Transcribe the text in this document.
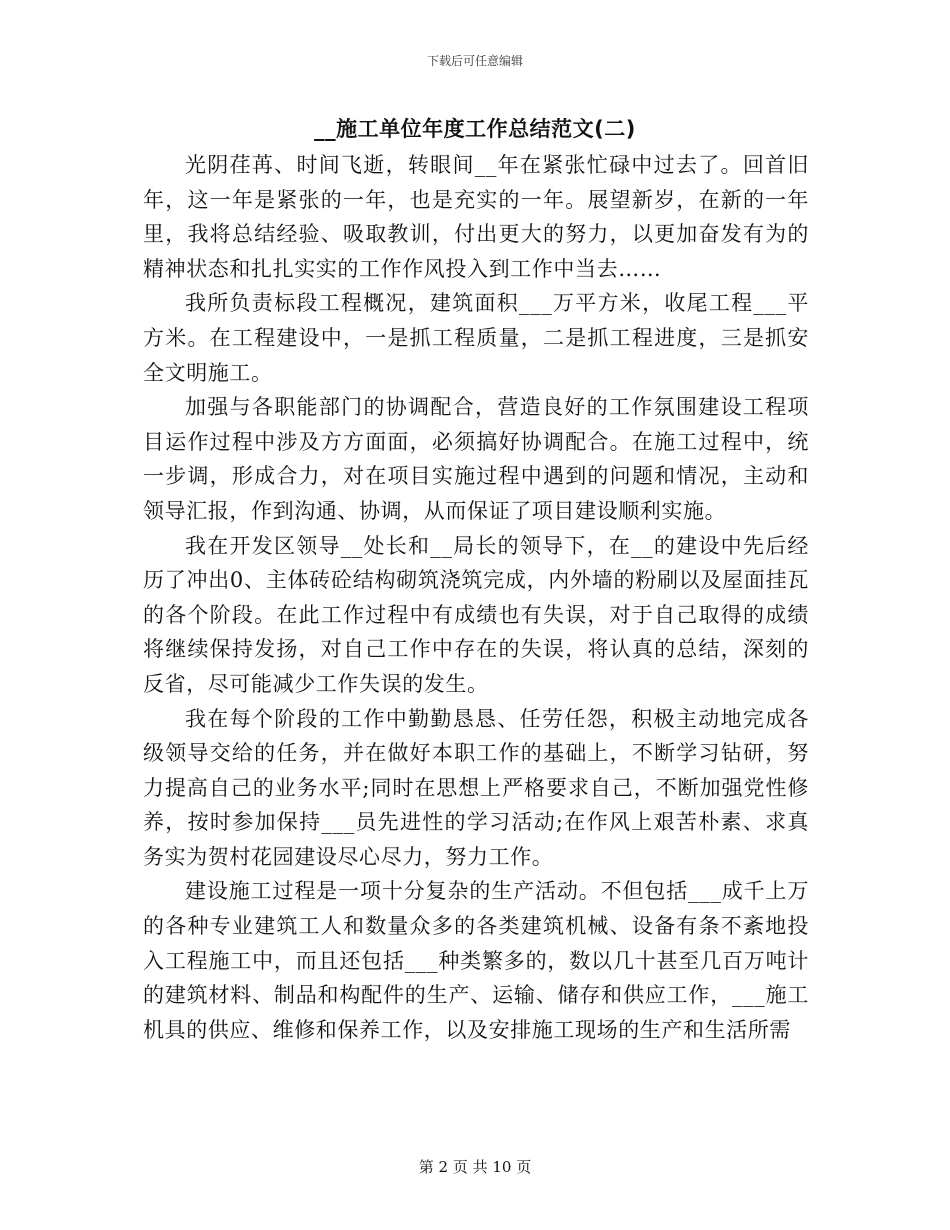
下载后可任意编辑
__施工单位年度工作总结范文(二)

光阴荏苒、时间飞逝，转眼间__年在紧张忙碌中过去了。回首旧年，这一年是紧张的一年，也是充实的一年。展望新岁，在新的一年里，我将总结经验、吸取教训，付出更大的努力，以更加奋发有为的精神状态和扎扎实实的工作作风投入到工作中当去……

我所负责标段工程概况，建筑面积___万平方米，收尾工程___平方米。在工程建设中，一是抓工程质量，二是抓工程进度，三是抓安全文明施工。

加强与各职能部门的协调配合，营造良好的工作氛围建设工程项目运作过程中涉及方方面面，必须搞好协调配合。在施工过程中，统一步调，形成合力，对在项目实施过程中遇到的问题和情况，主动和领导汇报，作到沟通、协调，从而保证了项目建设顺利实施。

我在开发区领导__处长和__局长的领导下，在__的建设中先后经历了冲出0、主体砖砼结构砌筑浇筑完成，内外墙的粉刷以及屋面挂瓦的各个阶段。在此工作过程中有成绩也有失误，对于自己取得的成绩将继续保持发扬，对自己工作中存在的失误，将认真的总结，深刻的反省，尽可能减少工作失误的发生。

我在每个阶段的工作中勤勤恳恳、任劳任怨，积极主动地完成各级领导交给的任务，并在做好本职工作的基础上，不断学习钻研，努力提高自己的业务水平;同时在思想上严格要求自己，不断加强党性修养，按时参加保持___员先进性的学习活动;在作风上艰苦朴素、求真务实为贺村花园建设尽心尽力，努力工作。

建设施工过程是一项十分复杂的生产活动。不但包括___成千上万的各种专业建筑工人和数量众多的各类建筑机械、设备有条不紊地投入工程施工中，而且还包括___种类繁多的，数以几十甚至几百万吨计的建筑材料、制品和构配件的生产、运输、储存和供应工作，___施工机具的供应、维修和保养工作，以及安排施工现场的生产和生活所需

第 2 页 共 10 页
